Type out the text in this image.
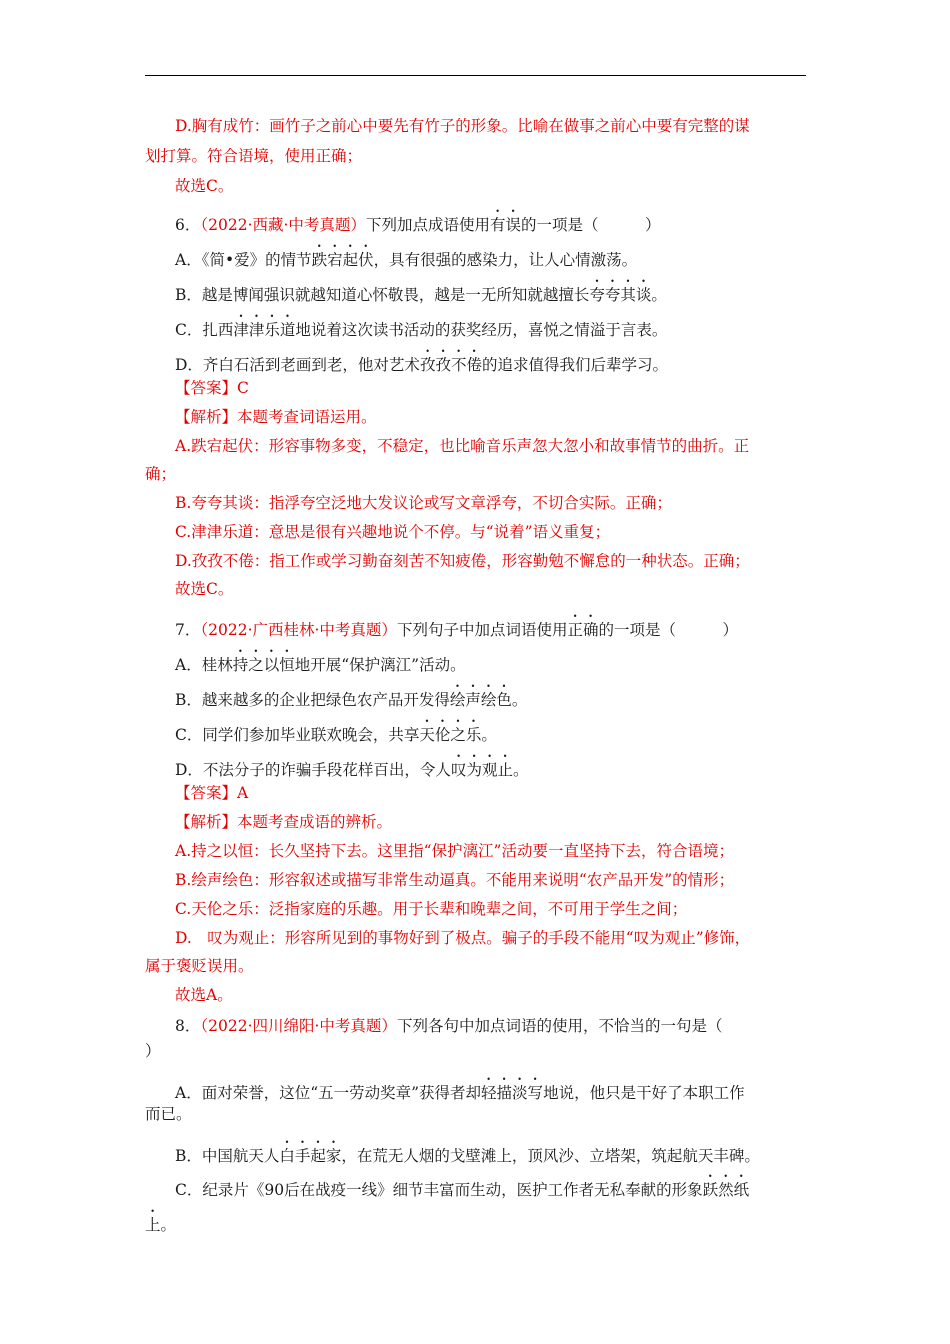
D.胸有成竹：画竹子之前心中要先有竹子的形象。比喻在做事之前心中要有完整的谋
划打算。符合语境，使用正确；
故选C。
6．（2022·西藏·中考真题）下列加点成语使用有误的一项是（　　　）
A．《简•爱》的情节跌宕起伏，具有很强的感染力，让人心情激荡。
B．越是博闻强识就越知道心怀敬畏，越是一无所知就越擅长夸夸其谈。
C．扎西津津乐道地说着这次读书活动的获奖经历，喜悦之情溢于言表。
D．齐白石活到老画到老，他对艺术孜孜不倦的追求值得我们后辈学习。
【答案】C
【解析】本题考查词语运用。
A.跌宕起伏：形容事物多变，不稳定，也比喻音乐声忽大忽小和故事情节的曲折。正
确；
B.夸夸其谈：指浮夸空泛地大发议论或写文章浮夸，不切合实际。正确；
C.津津乐道：意思是很有兴趣地说个不停。与“说着”语义重复；
D.孜孜不倦：指工作或学习勤奋刻苦不知疲倦，形容勤勉不懈怠的一种状态。正确；
故选C。
7．（2022·广西桂林·中考真题）下列句子中加点词语使用正确的一项是（　　　）
A．桂林持之以恒地开展“保护漓江”活动。
B．越来越多的企业把绿色农产品开发得绘声绘色。
C．同学们参加毕业联欢晚会，共享天伦之乐。
D．不法分子的诈骗手段花样百出，令人叹为观止。
【答案】A
【解析】本题考查成语的辨析。
A.持之以恒：长久坚持下去。这里指“保护漓江”活动要一直坚持下去，符合语境；
B.绘声绘色：形容叙述或描写非常生动逼真。不能用来说明“农产品开发”的情形；
C.天伦之乐：泛指家庭的乐趣。用于长辈和晚辈之间，不可用于学生之间；
D.　叹为观止：形容所见到的事物好到了极点。骗子的手段不能用“叹为观止”修饰，
属于褒贬误用。
故选A。
8．（2022·四川绵阳·中考真题）下列各句中加点词语的使用，不恰当的一句是（
）
A．面对荣誉，这位“五一劳动奖章”获得者却轻描淡写地说，他只是干好了本职工作
而已。
B．中国航天人白手起家，在荒无人烟的戈壁滩上，顶风沙、立塔架，筑起航天丰碑。
C．纪录片《90后在战疫一线》细节丰富而生动，医护工作者无私奉献的形象跃然纸
上。
